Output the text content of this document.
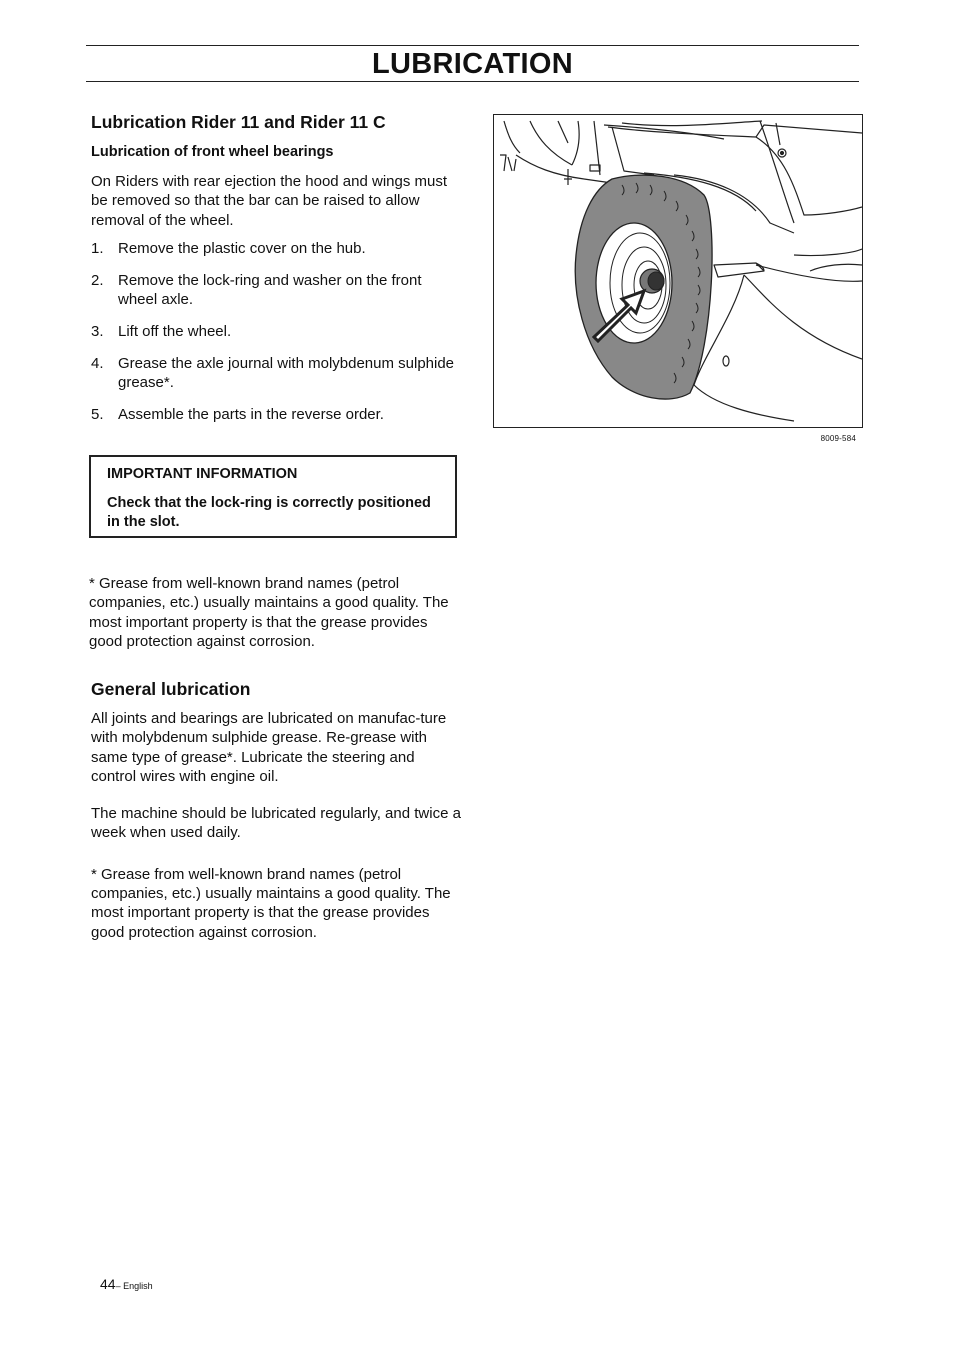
LUBRICATION
Lubrication Rider 11 and Rider 11 C
Lubrication of front wheel bearings

On Riders with rear ejection the hood and wings must be removed so that the bar can be raised to allow removal of the wheel.

1. Remove the plastic cover on the hub.
2. Remove the lock-ring and washer on the front wheel axle.
3. Lift off the wheel.
4. Grease the axle journal with molybdenum sulphide grease*.
5. Assemble the parts in the reverse order.
IMPORTANT INFORMATION
Check that the lock-ring is correctly positioned in the slot.

* Grease from well-known brand names (petrol companies, etc.) usually maintains a good quality. The most important property is that the grease provides good protection against corrosion.

General lubrication

All joints and bearings are lubricated on manufac-ture with molybdenum sulphide grease. Re-grease with same type of grease*. Lubricate the steering and control wires with engine oil.

The machine should be lubricated regularly, and twice a week when used daily.

* Grease from well-known brand names (petrol companies, etc.) usually maintains a good quality. The most important property is that the grease provides good protection against corrosion.

8009-584
44– English
